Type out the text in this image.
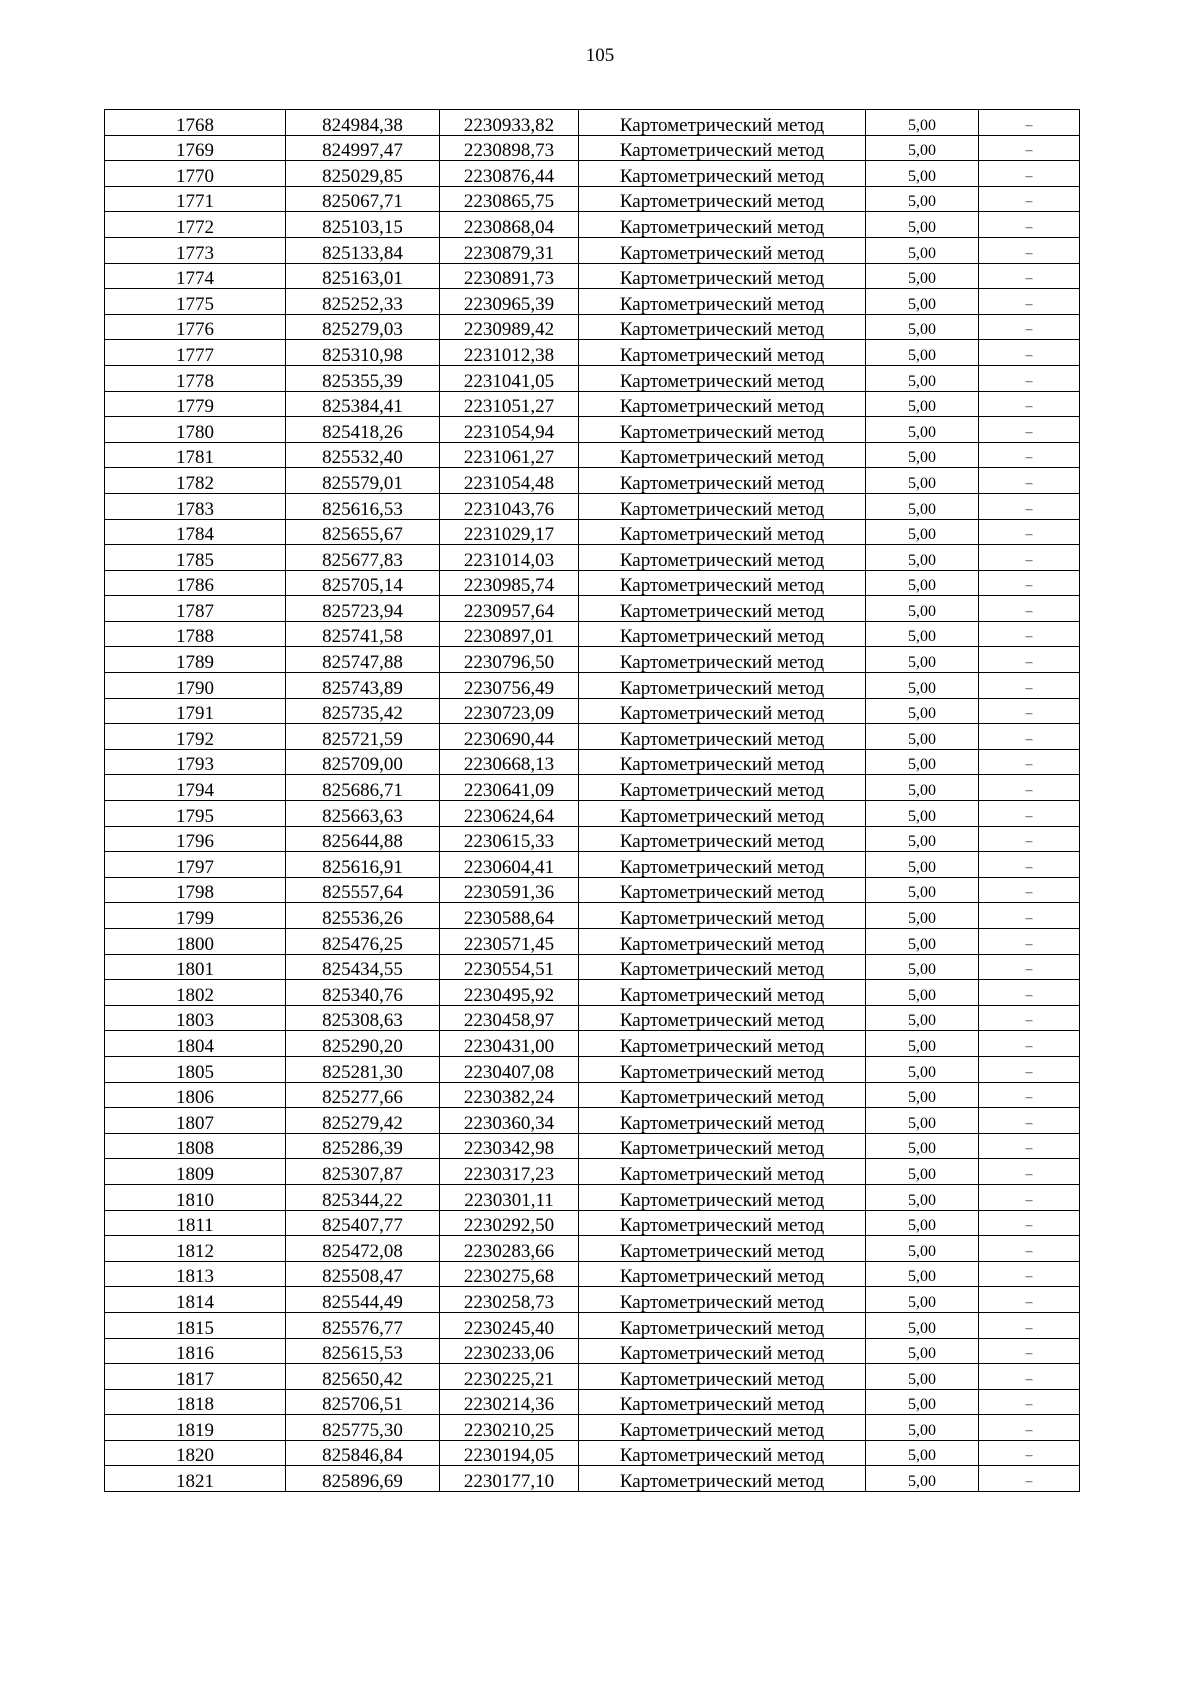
105
1768	824984,38	2230933,82	Картометрический метод	5,00	–
1769	824997,47	2230898,73	Картометрический метод	5,00	–
1770	825029,85	2230876,44	Картометрический метод	5,00	–
1771	825067,71	2230865,75	Картометрический метод	5,00	–
1772	825103,15	2230868,04	Картометрический метод	5,00	–
1773	825133,84	2230879,31	Картометрический метод	5,00	–
1774	825163,01	2230891,73	Картометрический метод	5,00	–
1775	825252,33	2230965,39	Картометрический метод	5,00	–
1776	825279,03	2230989,42	Картометрический метод	5,00	–
1777	825310,98	2231012,38	Картометрический метод	5,00	–
1778	825355,39	2231041,05	Картометрический метод	5,00	–
1779	825384,41	2231051,27	Картометрический метод	5,00	–
1780	825418,26	2231054,94	Картометрический метод	5,00	–
1781	825532,40	2231061,27	Картометрический метод	5,00	–
1782	825579,01	2231054,48	Картометрический метод	5,00	–
1783	825616,53	2231043,76	Картометрический метод	5,00	–
1784	825655,67	2231029,17	Картометрический метод	5,00	–
1785	825677,83	2231014,03	Картометрический метод	5,00	–
1786	825705,14	2230985,74	Картометрический метод	5,00	–
1787	825723,94	2230957,64	Картометрический метод	5,00	–
1788	825741,58	2230897,01	Картометрический метод	5,00	–
1789	825747,88	2230796,50	Картометрический метод	5,00	–
1790	825743,89	2230756,49	Картометрический метод	5,00	–
1791	825735,42	2230723,09	Картометрический метод	5,00	–
1792	825721,59	2230690,44	Картометрический метод	5,00	–
1793	825709,00	2230668,13	Картометрический метод	5,00	–
1794	825686,71	2230641,09	Картометрический метод	5,00	–
1795	825663,63	2230624,64	Картометрический метод	5,00	–
1796	825644,88	2230615,33	Картометрический метод	5,00	–
1797	825616,91	2230604,41	Картометрический метод	5,00	–
1798	825557,64	2230591,36	Картометрический метод	5,00	–
1799	825536,26	2230588,64	Картометрический метод	5,00	–
1800	825476,25	2230571,45	Картометрический метод	5,00	–
1801	825434,55	2230554,51	Картометрический метод	5,00	–
1802	825340,76	2230495,92	Картометрический метод	5,00	–
1803	825308,63	2230458,97	Картометрический метод	5,00	–
1804	825290,20	2230431,00	Картометрический метод	5,00	–
1805	825281,30	2230407,08	Картометрический метод	5,00	–
1806	825277,66	2230382,24	Картометрический метод	5,00	–
1807	825279,42	2230360,34	Картометрический метод	5,00	–
1808	825286,39	2230342,98	Картометрический метод	5,00	–
1809	825307,87	2230317,23	Картометрический метод	5,00	–
1810	825344,22	2230301,11	Картометрический метод	5,00	–
1811	825407,77	2230292,50	Картометрический метод	5,00	–
1812	825472,08	2230283,66	Картометрический метод	5,00	–
1813	825508,47	2230275,68	Картометрический метод	5,00	–
1814	825544,49	2230258,73	Картометрический метод	5,00	–
1815	825576,77	2230245,40	Картометрический метод	5,00	–
1816	825615,53	2230233,06	Картометрический метод	5,00	–
1817	825650,42	2230225,21	Картометрический метод	5,00	–
1818	825706,51	2230214,36	Картометрический метод	5,00	–
1819	825775,30	2230210,25	Картометрический метод	5,00	–
1820	825846,84	2230194,05	Картометрический метод	5,00	–
1821	825896,69	2230177,10	Картометрический метод	5,00	–
